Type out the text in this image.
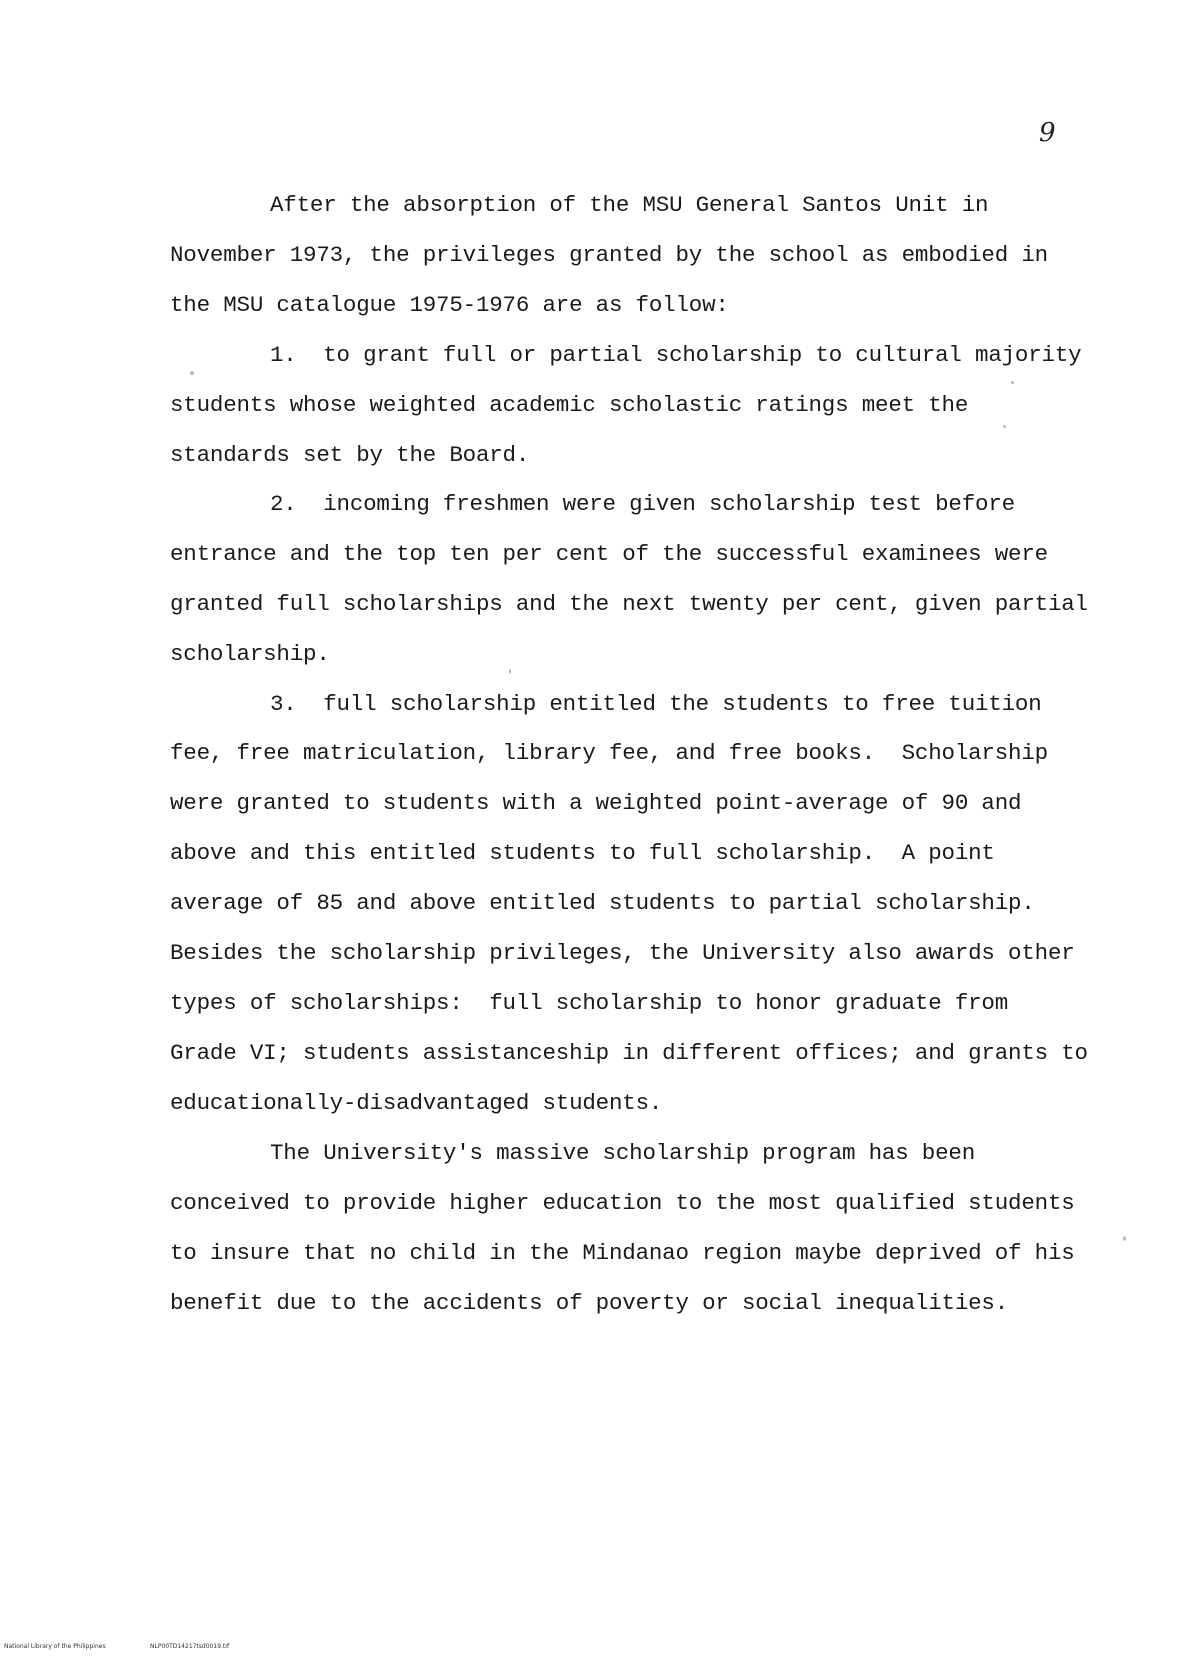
9
After the absorption of the MSU General Santos Unit in
November 1973, the privileges granted by the school as embodied in
the MSU catalogue 1975-1976 are as follow:
1.  to grant full or partial scholarship to cultural majority
students whose weighted academic scholastic ratings meet the
standards set by the Board.
2.  incoming freshmen were given scholarship test before
entrance and the top ten per cent of the successful examinees were
granted full scholarships and the next twenty per cent, given partial
scholarship.
3.  full scholarship entitled the students to free tuition
fee, free matriculation, library fee, and free books.  Scholarship
were granted to students with a weighted point-average of 90 and
above and this entitled students to full scholarship.  A point
average of 85 and above entitled students to partial scholarship.
Besides the scholarship privileges, the University also awards other
types of scholarships:  full scholarship to honor graduate from
Grade VI; students assistanceship in different offices; and grants to
educationally-disadvantaged students.
The University's massive scholarship program has been
conceived to provide higher education to the most qualified students
to insure that no child in the Mindanao region maybe deprived of his
benefit due to the accidents of poverty or social inequalities.
National Library of the Philippines	NLP00TD14217tsd0019.tif
